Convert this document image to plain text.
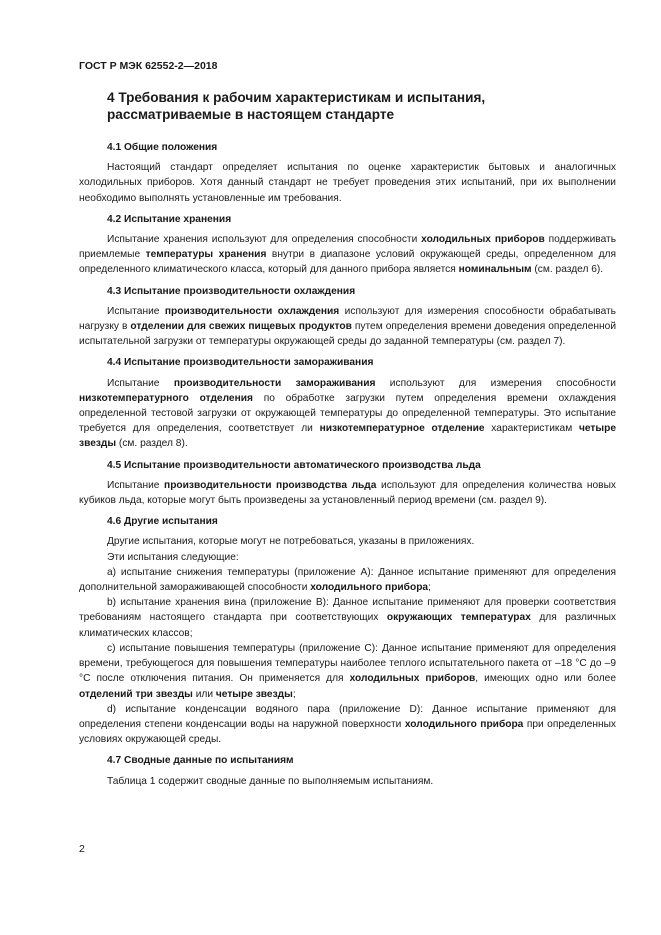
ГОСТ Р МЭК 62552-2—2018
4 Требования к рабочим характеристикам и испытания,
рассматриваемые в настоящем стандарте
4.1 Общие положения

Настоящий стандарт определяет испытания по оценке характеристик бытовых и аналогичных холодильных приборов. Хотя данный стандарт не требует проведения этих испытаний, при их выполнении необходимо выполнять установленные им требования.

4.2 Испытание хранения

Испытание хранения используют для определения способности холодильных приборов поддерживать приемлемые температуры хранения внутри в диапазоне условий окружающей среды, определенном для определенного климатического класса, который для данного прибора является номинальным (см. раздел 6).

4.3 Испытание производительности охлаждения

Испытание производительности охлаждения используют для измерения способности обрабатывать нагрузку в отделении для свежих пищевых продуктов путем определения времени доведения определенной испытательной загрузки от температуры окружающей среды до заданной температуры (см. раздел 7).

4.4 Испытание производительности замораживания

Испытание производительности замораживания используют для измерения способности низкотемпературного отделения по обработке загрузки путем определения времени охлаждения определенной тестовой загрузки от окружающей температуры до определенной температуры. Это испытание требуется для определения, соответствует ли низкотемпературное отделение характеристикам четыре звезды (см. раздел 8).

4.5 Испытание производительности автоматического производства льда

Испытание производительности производства льда используют для определения количества новых кубиков льда, которые могут быть произведены за установленный период времени (см. раздел 9).

4.6 Другие испытания

Другие испытания, которые могут не потребоваться, указаны в приложениях.

Эти испытания следующие:

а) испытание снижения температуры (приложение А): Данное испытание применяют для определения дополнительной замораживающей способности холодильного прибора;

b) испытание хранения вина (приложение В): Данное испытание применяют для проверки соответствия требованиям настоящего стандарта при соответствующих окружающих температурах для различных климатических классов;

с) испытание повышения температуры (приложение С): Данное испытание применяют для определения времени, требующегося для повышения температуры наиболее теплого испытательного пакета от –18 °С до –9 °С после отключения питания. Он применяется для холодильных приборов, имеющих одно или более отделений три звезды или четыре звезды;

d) испытание конденсации водяного пара (приложение D): Данное испытание применяют для определения степени конденсации воды на наружной поверхности холодильного прибора при определенных условиях окружающей среды.

4.7 Сводные данные по испытаниям

Таблица 1 содержит сводные данные по выполняемым испытаниям.

2
